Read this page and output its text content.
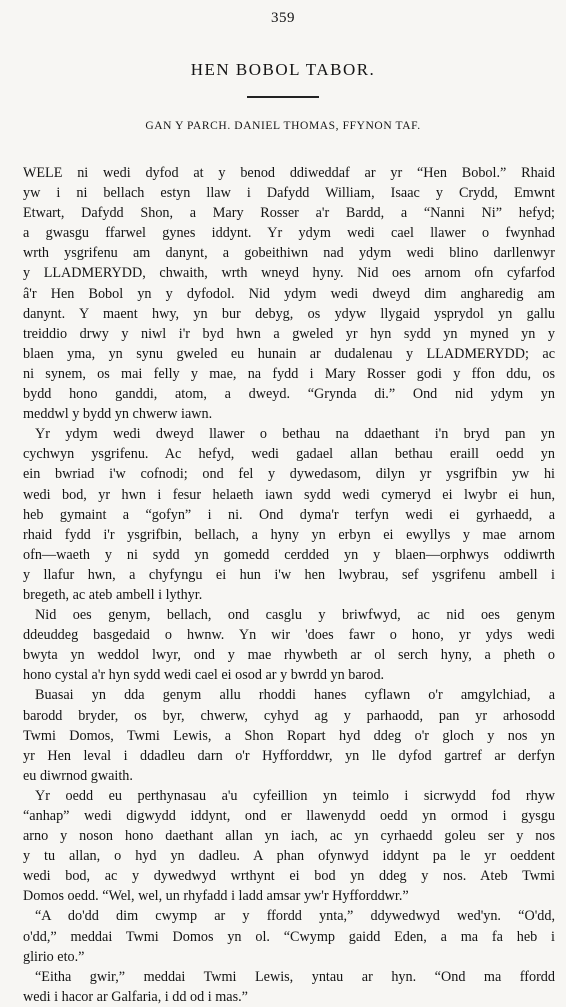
359
HEN BOBOL TABOR.
GAN Y PARCH. DANIEL THOMAS, FFYNON TAF.
WELE ni wedi dyfod at y benod ddiweddaf ar yr “Hen Bobol.” Rhaid
yw i ni bellach estyn llaw i Dafydd William, Isaac y Crydd, Emwnt
Etwart, Dafydd Shon, a Mary Rosser a'r Bardd, a “Nanni Ni” hefyd;
a gwasgu ffarwel gynes iddynt. Yr ydym wedi cael llawer o fwynhad
wrth ysgrifenu am danynt, a gobeithiwn nad ydym wedi blino darllenwyr
y LLADMERYDD, chwaith, wrth wneyd hyny. Nid oes arnom ofn cyfarfod
â'r Hen Bobol yn y dyfodol. Nid ydym wedi dweyd dim angharedig am
danynt. Y maent hwy, yn bur debyg, os ydyw llygaid ysprydol yn gallu
treiddio drwy y niwl i'r byd hwn a gweled yr hyn sydd yn myned yn y
blaen yma, yn synu gweled eu hunain ar dudalenau y LLADMERYDD; ac
ni synem, os mai felly y mae, na fydd i Mary Rosser godi y ffon ddu, os
bydd hono ganddi, atom, a dweyd. “Grynda di.” Ond nid ydym yn
meddwl y bydd yn chwerw iawn.
Yr ydym wedi dweyd llawer o bethau na ddaethant i'n bryd pan yn
cychwyn ysgrifenu. Ac hefyd, wedi gadael allan bethau eraill oedd yn
ein bwriad i'w cofnodi; ond fel y dywedasom, dilyn yr ysgrifbin yw hi
wedi bod, yr hwn i fesur helaeth iawn sydd wedi cymeryd ei lwybr ei hun,
heb gymaint a “gofyn” i ni. Ond dyma'r terfyn wedi ei gyrhaedd, a
rhaid fydd i'r ysgrifbin, bellach, a hyny yn erbyn ei ewyllys y mae arnom
ofn—waeth y ni sydd yn gomedd cerdded yn y blaen—orphwys oddiwrth
y llafur hwn, a chyfyngu ei hun i'w hen lwybrau, sef ysgrifenu ambell i
bregeth, ac ateb ambell i lythyr.
Nid oes genym, bellach, ond casglu y briwfwyd, ac nid oes genym
ddeuddeg basgedaid o hwnw. Yn wir 'does fawr o hono, yr ydys wedi
bwyta yn weddol lwyr, ond y mae rhywbeth ar ol serch hyny, a pheth o
hono cystal a'r hyn sydd wedi cael ei osod ar y bwrdd yn barod.
Buasai yn dda genym allu rhoddi hanes cyflawn o'r amgylchiad, a
barodd bryder, os byr, chwerw, cyhyd ag y parhaodd, pan yr arhosodd
Twmi Domos, Twmi Lewis, a Shon Ropart hyd ddeg o'r gloch y nos yn
yr Hen leval i ddadleu darn o'r Hyfforddwr, yn lle dyfod gartref ar derfyn
eu diwrnod gwaith.
Yr oedd eu perthynasau a'u cyfeillion yn teimlo i sicrwydd fod rhyw
“anhap” wedi digwydd iddynt, ond er llawenydd oedd yn ormod i gysgu
arno y noson hono daethant allan yn iach, ac yn cyrhaedd goleu ser y nos
y tu allan, o hyd yn dadleu. A phan ofynwyd iddynt pa le yr oeddent
wedi bod, ac y dywedwyd wrthynt ei bod yn ddeg y nos. Ateb Twmi
Domos oedd. “Wel, wel, un rhyfadd i ladd amsar yw'r Hyfforddwr.”
“A do'dd dim cwymp ar y ffordd ynta,” ddywedwyd wed'yn. “O'dd,
o'dd,” meddai Twmi Domos yn ol. “Cwymp gaidd Eden, a ma fa heb i
glirio eto.”
“Eitha gwir,” meddai Twmi Lewis, yntau ar hyn. “Ond ma ffordd
wedi i hacor ar Galfaria, i dd od i mas.”
